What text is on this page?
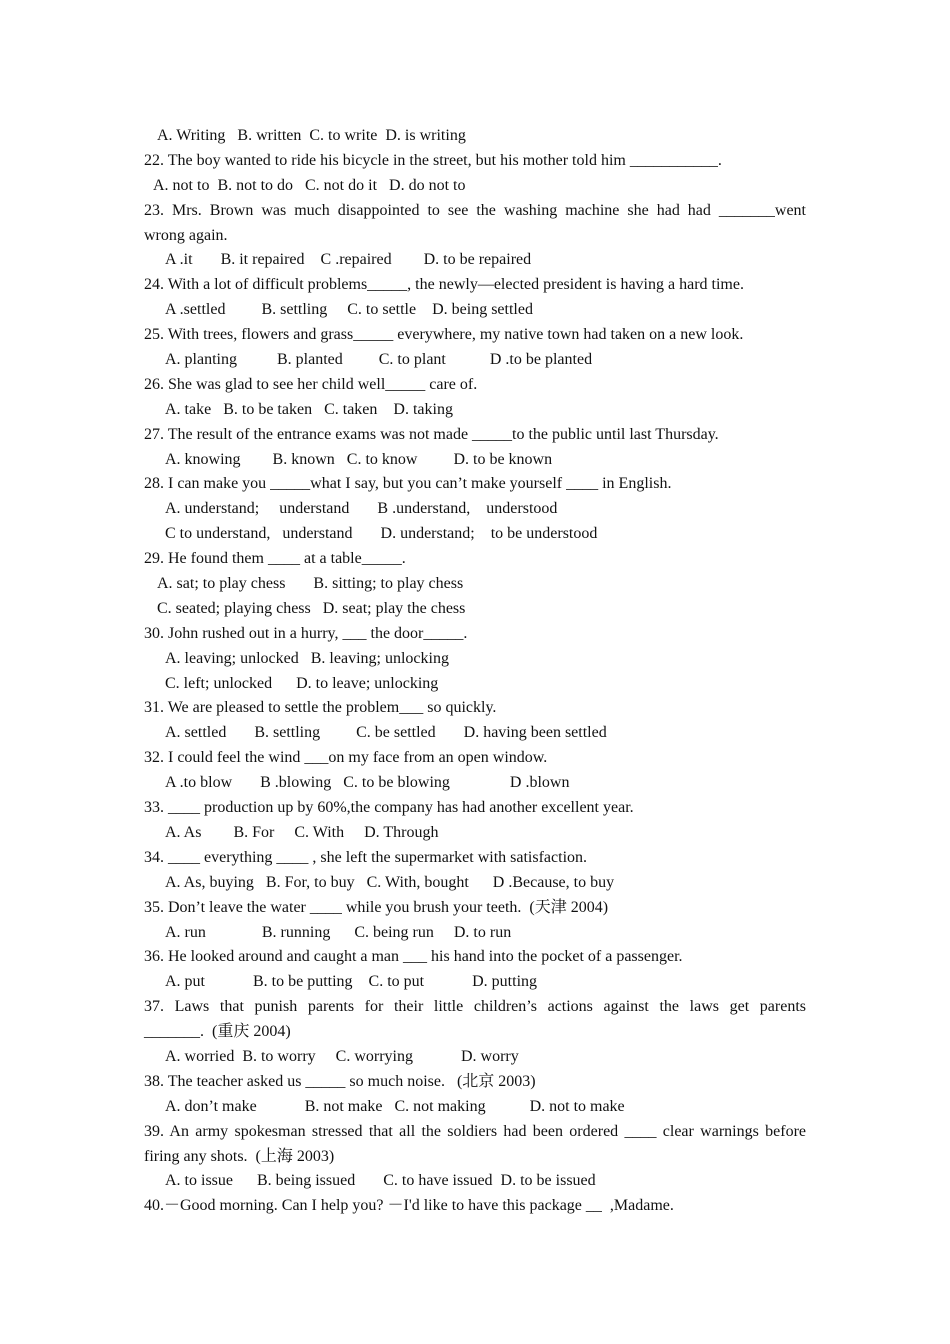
A. Writing   B. written  C. to write  D. is writing
22. The boy wanted to ride his bicycle in the street, but his mother told him ___________.
A. not to  B. not to do   C. not do it   D. do not to
23. Mrs. Brown was much disappointed to see the washing machine she had had _______went
wrong again.
A .it       B. it repaired    C .repaired        D. to be repaired
24. With a lot of difficult problems_____, the newly—elected president is having a hard time.
A .settled         B. settling     C. to settle    D. being settled
25. With trees, flowers and grass_____ everywhere, my native town had taken on a new look.
A. planting          B. planted         C. to plant           D .to be planted
26. She was glad to see her child well_____ care of.
A. take   B. to be taken   C. taken    D. taking
27. The result of the entrance exams was not made _____to the public until last Thursday.
A. knowing        B. known   C. to know         D. to be known
28. I can make you _____what I say, but you can’t make yourself ____ in English.
A. understand;     understand       B .understand,    understood
C to understand,   understand       D. understand;    to be understood
29. He found them ____ at a table_____.
A. sat; to play chess       B. sitting; to play chess
C. seated; playing chess   D. seat; play the chess
30. John rushed out in a hurry, ___ the door_____.
A. leaving; unlocked   B. leaving; unlocking
C. left; unlocked      D. to leave; unlocking
31. We are pleased to settle the problem___ so quickly.
A. settled       B. settling         C. be settled       D. having been settled
32. I could feel the wind ___on my face from an open window.
A .to blow       B .blowing   C. to be blowing               D .blown
33. ____ production up by 60%,the company has had another excellent year.
A. As        B. For     C. With     D. Through
34. ____ everything ____ , she left the supermarket with satisfaction.
A. As, buying   B. For, to buy   C. With, bought      D .Because, to buy
35. Don’t leave the water ____ while you brush your teeth.  (天津 2004)
A. run              B. running      C. being run     D. to run
36. He looked around and caught a man ___ his hand into the pocket of a passenger.
A. put            B. to be putting    C. to put            D. putting
37. Laws that punish parents for their little children’s actions against the laws get parents
_______.  (重庆 2004)
A. worried  B. to worry     C. worrying            D. worry
38. The teacher asked us _____ so much noise.   (北京 2003)
A. don’t make            B. not make   C. not making           D. not to make
39. An army spokesman stressed that all the soldiers had been ordered ____ clear warnings before
firing any shots.  (上海 2003)
A. to issue      B. being issued       C. to have issued  D. to be issued
40.－Good morning. Can I help you? －I'd like to have this package __  ,Madame.
